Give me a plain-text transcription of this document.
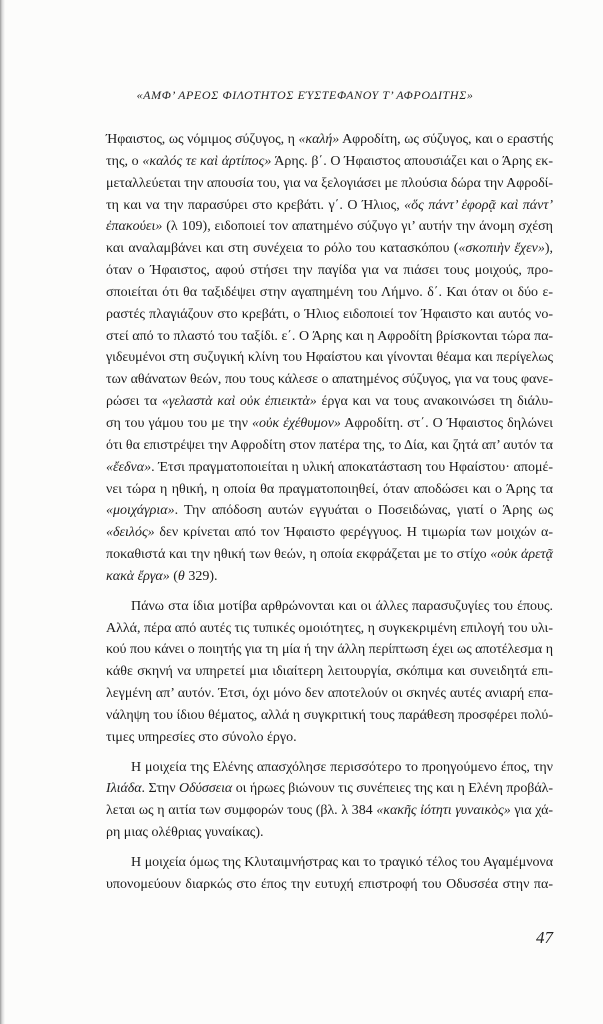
«ΑΜΦ’ ΑΡΕΟΣ ΦΙΛΟΤΗΤΟΣ ΕΎΣΤΕΦΑΝΟΥ Τ’ ΑΦΡΟΔΙΤΗΣ»
Ήφαιστος, ως νόμιμος σύζυγος, η «καλή» Αφροδίτη, ως σύζυγος, και ο εραστής
της, ο «καλός τε καὶ ἀρτίπος» Άρης. β΄. Ο Ήφαιστος απουσιάζει και ο Άρης εκ-
μεταλλεύεται την απουσία του, για να ξελογιάσει με πλούσια δώρα την Αφροδί-
τη και να την παρασύρει στο κρεβάτι. γ΄. Ο Ήλιος, «ὅς πάντ’ ἐφορᾷ καὶ πάντ’
ἐπακούει» (λ 109), ειδοποιεί τον απατημένο σύζυγο γι’ αυτήν την άνομη σχέση
και αναλαμβάνει και στη συνέχεια το ρόλο του κατασκόπου («σκοπιὴν ἔχεν»),
όταν ο Ήφαιστος, αφού στήσει την παγίδα για να πιάσει τους μοιχούς, προ-
σποιείται ότι θα ταξιδέψει στην αγαπημένη του Λήμνο. δ΄. Και όταν οι δύο ε-
ραστές πλαγιάζουν στο κρεβάτι, ο Ήλιος ειδοποιεί τον Ήφαιστο και αυτός νο-
στεί από το πλαστό του ταξίδι. ε΄. Ο Άρης και η Αφροδίτη βρίσκονται τώρα πα-
γιδευμένοι στη συζυγική κλίνη του Ηφαίστου και γίνονται θέαμα και περίγελως
των αθάνατων θεών, που τους κάλεσε ο απατημένος σύζυγος, για να τους φανε-
ρώσει τα «γελαστὰ καὶ οὐκ ἐπιεικτὰ» έργα και να τους ανακοινώσει τη διάλυ-
ση του γάμου του με την «οὐκ ἐχέθυμον» Αφροδίτη. στ΄. Ο Ήφαιστος δηλώνει
ότι θα επιστρέψει την Αφροδίτη στον πατέρα της, το Δία, και ζητά απ’ αυτόν τα
«ἔεδνα». Έτσι πραγματοποιείται η υλική αποκατάσταση του Ηφαίστου· απομέ-
νει τώρα η ηθική, η οποία θα πραγματοποιηθεί, όταν αποδώσει και ο Άρης τα
«μοιχάγρια». Την απόδοση αυτών εγγυάται ο Ποσειδώνας, γιατί ο Άρης ως
«δειλός» δεν κρίνεται από τον Ήφαιστο φερέγγυος. Η τιμωρία των μοιχών α-
ποκαθιστά και την ηθική των θεών, η οποία εκφράζεται με το στίχο «οὐκ ἀρετᾷ
κακὰ ἔργα» (θ 329).
Πάνω στα ίδια μοτίβα αρθρώνονται και οι άλλες παρασυζυγίες του έπους.
Αλλά, πέρα από αυτές τις τυπικές ομοιότητες, η συγκεκριμένη επιλογή του υλι-
κού που κάνει ο ποιητής για τη μία ή την άλλη περίπτωση έχει ως αποτέλεσμα η
κάθε σκηνή να υπηρετεί μια ιδιαίτερη λειτουργία, σκόπιμα και συνειδητά επι-
λεγμένη απ’ αυτόν. Έτσι, όχι μόνο δεν αποτελούν οι σκηνές αυτές ανιαρή επα-
νάληψη του ίδιου θέματος, αλλά η συγκριτική τους παράθεση προσφέρει πολύ-
τιμες υπηρεσίες στο σύνολο έργο.
Η μοιχεία της Ελένης απασχόλησε περισσότερο το προηγούμενο έπος, την
Ιλιάδα. Στην Οδύσσεια οι ήρωες βιώνουν τις συνέπειες της και η Ελένη προβάλ-
λεται ως η αιτία των συμφορών τους (βλ. λ 384 «κακῆς ἰότητι γυναικὸς» για χά-
ρη μιας ολέθριας γυναίκας).
Η μοιχεία όμως της Κλυταιμνήστρας και το τραγικό τέλος του Αγαμέμνονα
υπονομεύουν διαρκώς στο έπος την ευτυχή επιστροφή του Οδυσσέα στην πα-
47
